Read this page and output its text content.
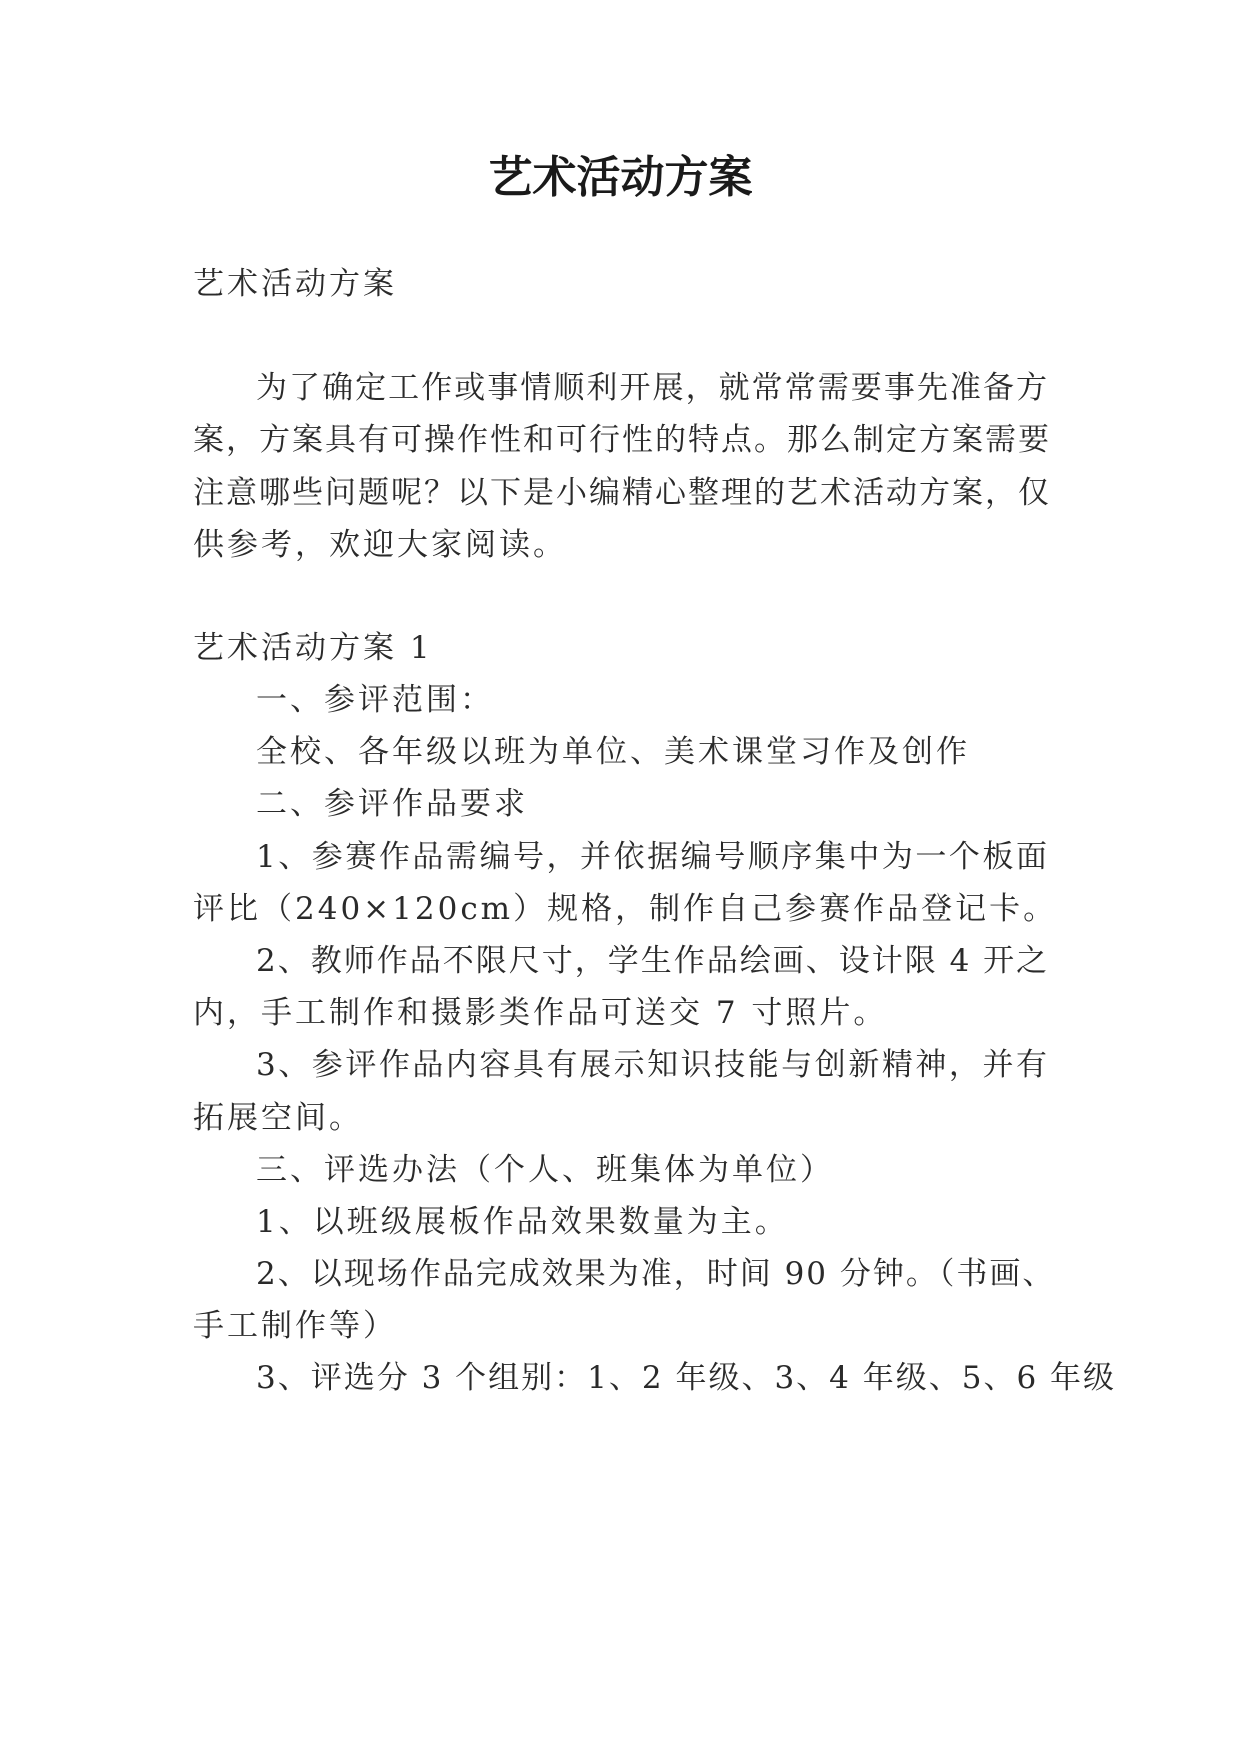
艺术活动方案
艺术活动方案
为了确定工作或事情顺利开展，就常常需要事先准备方
案，方案具有可操作性和可行性的特点。那么制定方案需要
注意哪些问题呢？以下是小编精心整理的艺术活动方案，仅
供参考，欢迎大家阅读。
艺术活动方案 1
一、参评范围：
全校、各年级以班为单位、美术课堂习作及创作
二、参评作品要求
1、参赛作品需编号，并依据编号顺序集中为一个板面
评比（240×120cm）规格，制作自己参赛作品登记卡。
2、教师作品不限尺寸，学生作品绘画、设计限 4 开之
内，手工制作和摄影类作品可送交 7 寸照片。
3、参评作品内容具有展示知识技能与创新精神，并有
拓展空间。
三、评选办法（个人、班集体为单位）
1、以班级展板作品效果数量为主。
2、以现场作品完成效果为准，时间 90 分钟。（书画、
手工制作等）
3、评选分 3 个组别：1、2 年级、3、4 年级、5、6 年级
